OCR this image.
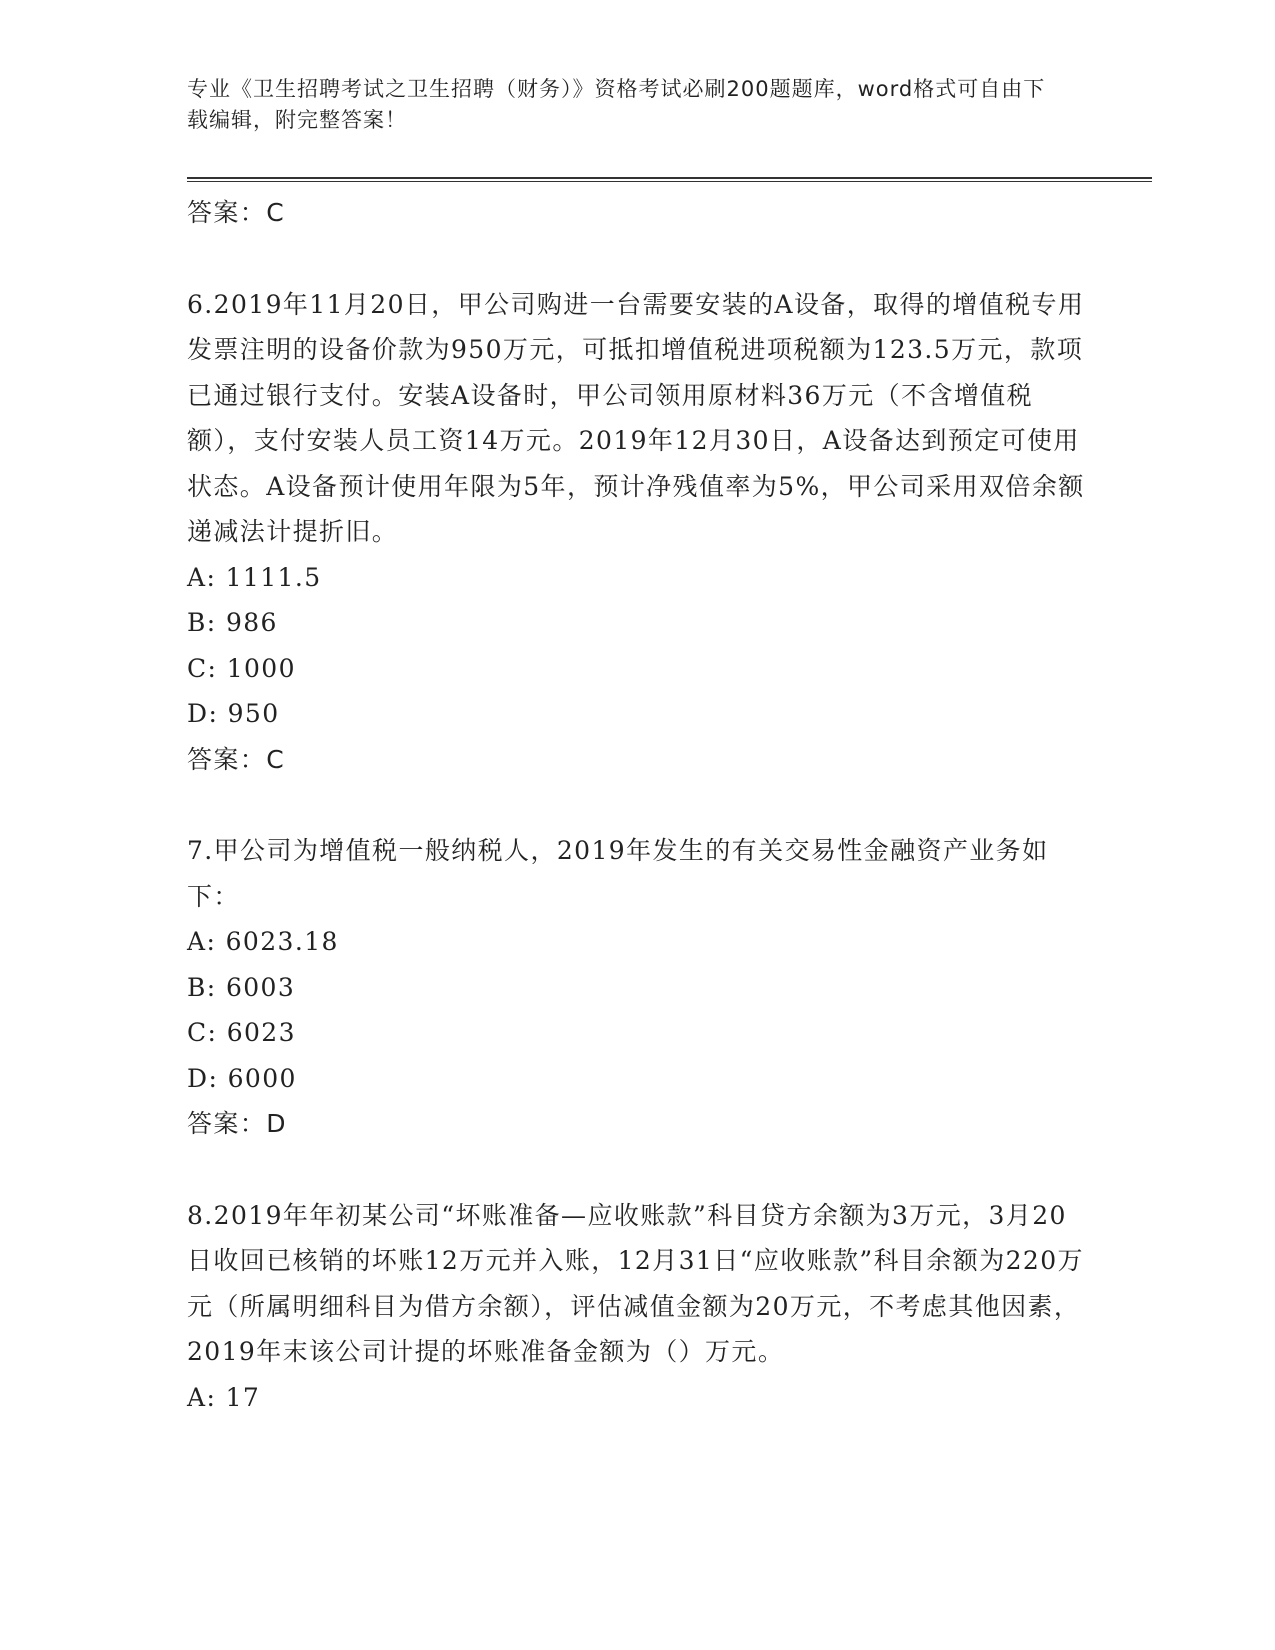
专业《卫生招聘考试之卫生招聘（财务）》资格考试必刷200题题库，word格式可自由下载编辑，附完整答案！

答案：C

6.2019年11月20日，甲公司购进一台需要安装的A设备，取得的增值税专用发票注明的设备价款为950万元，可抵扣增值税进项税额为123.5万元，款项已通过银行支付。安装A设备时，甲公司领用原材料36万元（不含增值税额），支付安装人员工资14万元。2019年12月30日，A设备达到预定可使用状态。A设备预计使用年限为5年，预计净残值率为5%，甲公司采用双倍余额递减法计提折旧。

A: 1111.5

B: 986

C: 1000

D: 950

答案：C

7.甲公司为增值税一般纳税人，2019年发生的有关交易性金融资产业务如下：

A: 6023.18

B: 6003

C: 6023

D: 6000

答案：D

8.2019年年初某公司“坏账准备—应收账款”科目贷方余额为3万元，3月20日收回已核销的坏账12万元并入账，12月31日“应收账款”科目余额为220万元（所属明细科目为借方余额），评估减值金额为20万元，不考虑其他因素，2019年末该公司计提的坏账准备金额为（）万元。

A: 17
